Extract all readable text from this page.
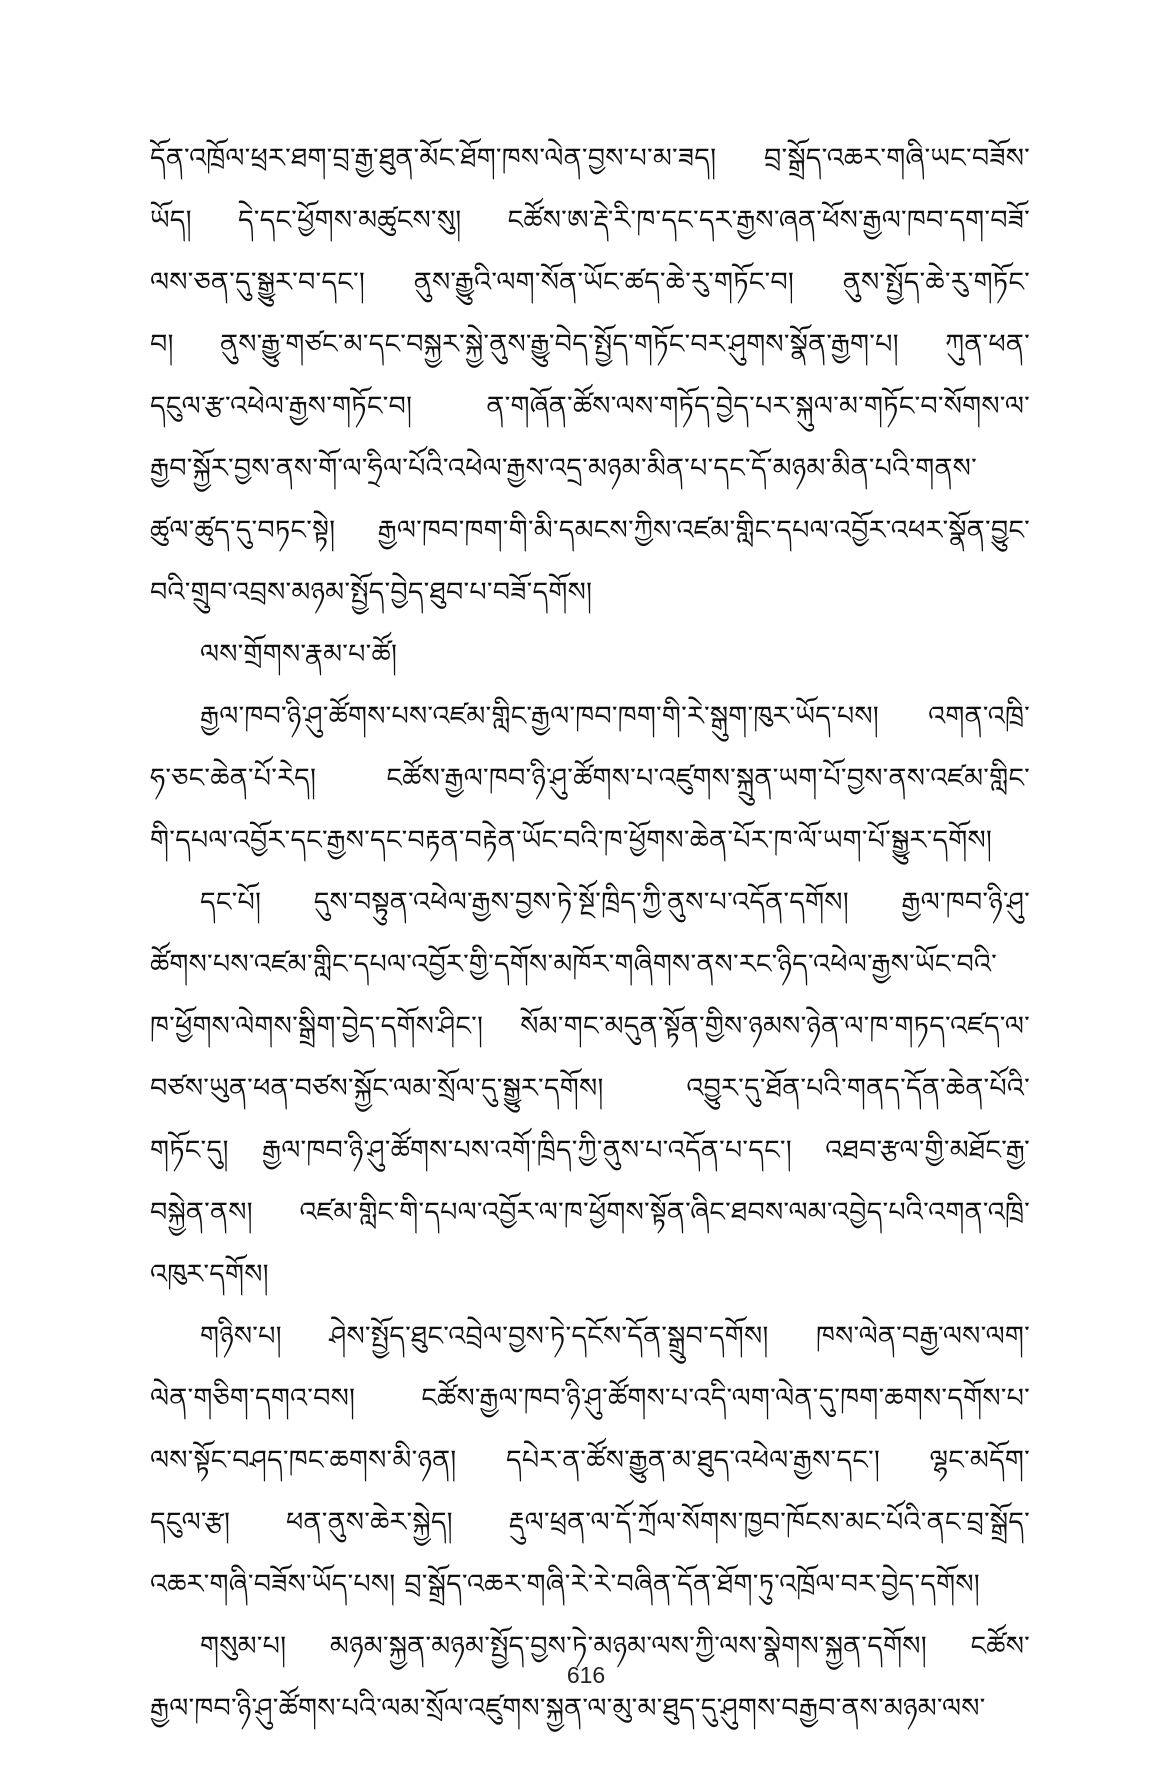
དོན་འཁྲོལ་ཕྲར་ཐག་བྲ་རྒྱ་ཐུན་མོང་ཐོག་ཁས་ལེན་བྱས་པ་མ་ཟད། བྲ་སྒྲོད་འཆར་གཞི་ཡང་བཟོས་
ཡོད། དེ་དང་ཕྱོགས་མཚུངས་སུ། ངཚོས་ཨ་རྡེ་རི་ཁ་དང་དར་རྒྱས་ཞན་ཕོས་རྒྱལ་ཁབ་དག་བཟོ་
ལས་ཅན་དུ་སྒྱུར་བ་དང་། ནུས་རྒྱུའི་ལག་སོན་ཡོང་ཚད་ཆེ་རུ་གཏོང་བ། ནུས་སྤྱོད་ཆེ་རུ་གཏོང་
བ། ནུས་རྒྱུ་གཙང་མ་དང་བསྐྱར་སྐྱེ་ནུས་རྒྱུ་བེད་སྤྱོད་གཏོང་བར་ཤུགས་སྣོན་རྒྱག་པ། ཀུན་ཕན་
དངུལ་རྩ་འཕེལ་རྒྱས་གཏོང་བ། ན་གཞོན་ཚོས་ལས་གཏོད་བྱེད་པར་སྐུལ་མ་གཏོང་བ་སོགས་ལ་
རྒྱབ་སྐྱོར་བྱས་ནས་གོ་ལ་ཧྲིལ་པོའི་འཕེལ་རྒྱས་འདྲ་མཉམ་མིན་པ་དང་དོ་མཉམ་མིན་པའི་གནས་
ཚུལ་ཚུད་དུ་བཏང་སྟེ། རྒྱལ་ཁབ་ཁག་གི་མི་དམངས་ཀྱིས་འཛམ་གླིང་དཔལ་འབྱོར་འཕར་སྣོན་བྱུང་
བའི་གྲུབ་འབྲས་མཉམ་སྤྱོད་བྱེད་ཐུབ་པ་བཟོ་དགོས།
ལས་གྲོགས་རྣམ་པ་ཚོ།
རྒྱལ་ཁབ་ཉི་ཤུ་ཚོགས་པས་འཛམ་གླིང་རྒྱལ་ཁབ་ཁག་གི་རེ་སྒུག་ཁུར་ཡོད་པས། འགན་འཁྲི་
ཧ་ཅང་ཆེན་པོ་རེད། ངཚོས་རྒྱལ་ཁབ་ཉི་ཤུ་ཚོགས་པ་འཛུགས་སྐྲུན་ཡག་པོ་བྱས་ནས་འཛམ་གླིང་
གི་དཔལ་འབྱོར་དང་རྒྱས་དང་བརྟན་བརྟེན་ཡོང་བའི་ཁ་ཕྱོགས་ཆེན་པོར་ཁ་ལོ་ཡག་པོ་སྒྱུར་དགོས།
དང་པོ། དུས་བསྟུན་འཕེལ་རྒྱས་བྱས་ཏེ་སྔོ་ཁྲིད་ཀྱི་ནུས་པ་འདོན་དགོས། རྒྱལ་ཁབ་ཉི་ཤུ་
ཚོགས་པས་འཛམ་གླིང་དཔལ་འབྱོར་གྱི་དགོས་མཁོར་གཞིགས་ནས་རང་ཉིད་འཕེལ་རྒྱས་ཡོང་བའི་
ཁ་ཕྱོགས་ལེགས་སྒྲིག་བྱེད་དགོས་ཤིང་། སོམ་གང་མདུན་སྟོན་གྱིས་ཉམས་ཉེན་ལ་ཁ་གཏད་འཛད་ལ་
བཙས་ཡུན་ཕན་བཙས་སྐྱོང་ལམ་སྲོལ་དུ་སྒྱུར་དགོས། འབྱུར་དུ་ཐོན་པའི་གནད་དོན་ཆེན་པོའི་
གཏོང་དུ། རྒྱལ་ཁབ་ཉི་ཤུ་ཚོགས་པས་འགོ་ཁྲིད་ཀྱི་ནུས་པ་འདོན་པ་དང་། འཐབ་རྩལ་གྱི་མཐོང་རྒྱ་
བསྐྱེན་ནས། འཛམ་གླིང་གི་དཔལ་འབྱོར་ལ་ཁ་ཕྱོགས་སྟོན་ཞིང་ཐབས་ལམ་འབྱེད་པའི་འགན་འཁྲི་
འཁུར་དགོས།
གཉིས་པ། ཤེས་སྤྱོད་ཐུང་འབྲེལ་བྱས་ཏེ་དངོས་དོན་སྒྲུབ་དགོས། ཁས་ལེན་བརྒྱ་ལས་ལག་
ལེན་གཅིག་དགའ་བས། ངཚོས་རྒྱལ་ཁབ་ཉི་ཤུ་ཚོགས་པ་འདི་ལག་ལེན་དུ་ཁག་ཆགས་དགོས་པ་
ལས་སྟོང་བཤད་ཁང་ཆགས་མི་ཉན། དཔེར་ན་ཚོས་རྒྱུན་མ་ཐུད་འཕེལ་རྒྱས་དང་། ལྷང་མདོག་
དངུལ་རྩ། ཕན་ནུས་ཆེར་སྐྱེད། རྡུལ་ཕྲན་ལ་དོ་ཀྲོལ་སོགས་ཁྱབ་ཁོངས་མང་པོའི་ནང་བྲ་སྒྲོད་
འཆར་གཞི་བཟོས་ཡོད་པས། བྲ་སྒྲོད་འཆར་གཞི་རེ་རེ་བཞིན་དོན་ཐོག་ཏུ་འཁྲོལ་བར་བྱེད་དགོས།
གསུམ་པ། མཉམ་སྐྱན་མཉམ་སྤྱོད་བྱས་ཏེ་མཉམ་ལས་ཀྱི་ལས་སྣེགས་སྐྱན་དགོས། ངཚོས་
རྒྱལ་ཁབ་ཉི་ཤུ་ཚོགས་པའི་ལམ་སྲོལ་འཛུགས་སྐྱན་ལ་མུ་མ་ཐུད་དུ་ཤུགས་བརྒྱབ་ནས་མཉམ་ལས་
616
